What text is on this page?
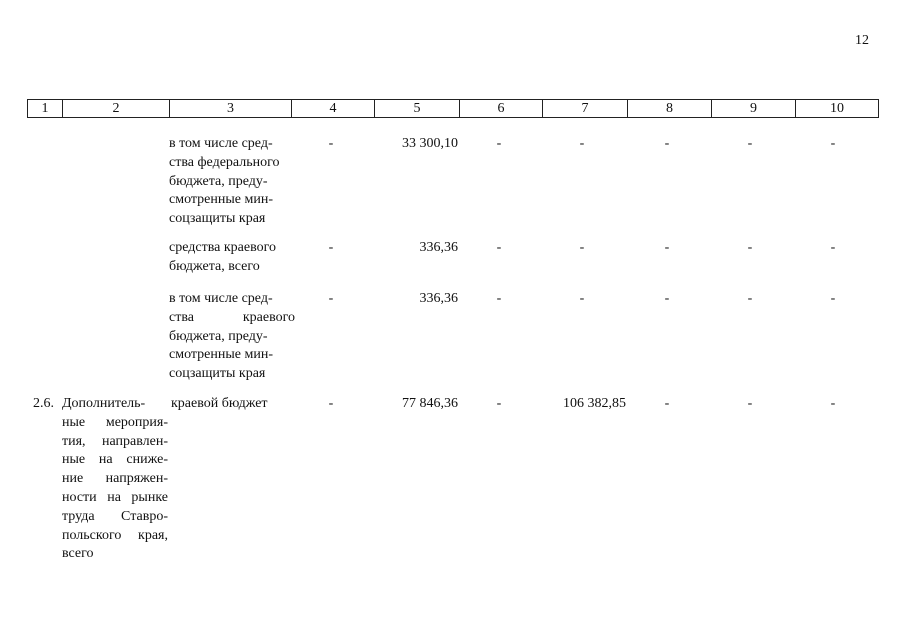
12
1	2	3	4	5	6	7	8	9	10
в том числе сред-
ства федерального
бюджета, преду-
смотренные мин-
соцзащиты края
-	33 300,10	-	-	-	-	-
средства краевого
бюджета, всего
-	336,36	-	-	-	-	-
в том числе сред-
ства краевого
бюджета, преду-
смотренные мин-
соцзащиты края
-	336,36	-	-	-	-	-
2.6. Дополнитель-
ные мероприя-
тия, направлен-
ные на сниже-
ние напряжен-
ности на рынке
труда Ставро-
польского края,
всего
краевой бюджет	-	77 846,36	-	106 382,85	-	-	-
